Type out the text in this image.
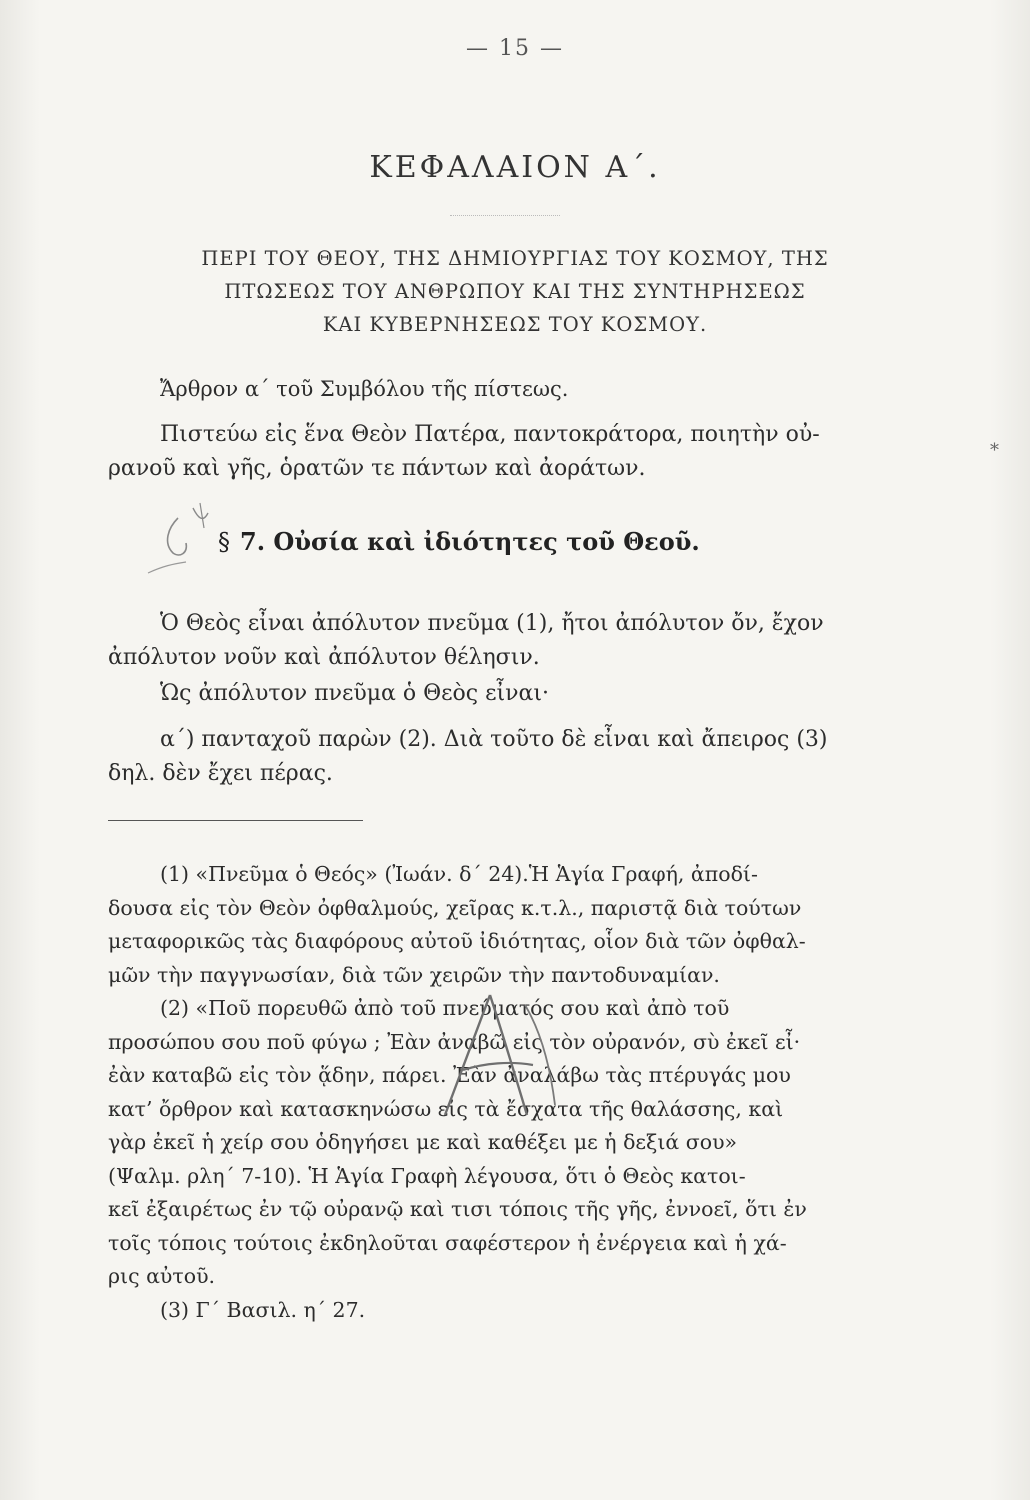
— 15 —
ΚΕΦΑΛΑΙΟΝ Α΄.
ΠΕΡΙ ΤΟΥ ΘΕΟΥ, ΤΗΣ ΔΗΜΙΟΥΡΓΙΑΣ ΤΟΥ ΚΟΣΜΟΥ, ΤΗΣ
ΠΤΩΣΕΩΣ ΤΟΥ ΑΝΘΡΩΠΟΥ ΚΑΙ ΤΗΣ ΣΥΝΤΗΡΗΣΕΩΣ
ΚΑΙ ΚΥΒΕΡΝΗΣΕΩΣ ΤΟΥ ΚΟΣΜΟΥ.
Ἄρθρον α΄ τοῦ Συμβόλου τῆς πίστεως.
Πιστεύω εἰς ἕνα Θεὸν Πατέρα, παντοκράτορα, ποιητὴν οὐ-
ρανοῦ καὶ γῆς, ὁρατῶν τε πάντων καὶ ἀοράτων.
§ 7. Οὐσία καὶ ἰδιότητες τοῦ Θεοῦ.
Ὁ Θεὸς εἶναι ἀπόλυτον πνεῦμα (1), ἤτοι ἀπόλυτον ὄν, ἔχον
ἀπόλυτον νοῦν καὶ ἀπόλυτον θέλησιν.
Ὡς ἀπόλυτον πνεῦμα ὁ Θεὸς εἶναι·
α΄) πανταχοῦ παρὼν (2). Διὰ τοῦτο δὲ εἶναι καὶ ἄπειρος (3)
δηλ. δὲν ἔχει πέρας.
(1) «Πνεῦμα ὁ Θεός» (Ἰωάν. δ΄ 24).Ἡ Ἁγία Γραφή, ἀποδί-
δουσα εἰς τὸν Θεὸν ὀφθαλμούς, χεῖρας κ.τ.λ., παριστᾷ διὰ τούτων
μεταφορικῶς τὰς διαφόρους αὐτοῦ ἰδιότητας, οἷον διὰ τῶν ὀφθαλ-
μῶν τὴν παγγνωσίαν, διὰ τῶν χειρῶν τὴν παντοδυναμίαν.
(2) «Ποῦ πορευθῶ ἀπὸ τοῦ πνεύματός σου καὶ ἀπὸ τοῦ
προσώπου σου ποῦ φύγω ; Ἐὰν ἀναβῶ εἰς τὸν οὐρανόν, σὺ ἐκεῖ εἶ·
ἐὰν καταβῶ εἰς τὸν ᾅδην, πάρει. Ἐὰν ἀναλάβω τὰς πτέρυγάς μου
κατ’ ὄρθρον καὶ κατασκηνώσω εἰς τὰ ἔσχατα τῆς θαλάσσης, καὶ
γὰρ ἐκεῖ ἡ χείρ σου ὁδηγήσει με καὶ καθέξει με ἡ δεξιά σου»
(Ψαλμ. ρλη΄ 7-10). Ἡ Ἁγία Γραφὴ λέγουσα, ὅτι ὁ Θεὸς κατοι-
κεῖ ἐξαιρέτως ἐν τῷ οὐρανῷ καὶ τισι τόποις τῆς γῆς, ἐννοεῖ, ὅτι ἐν
τοῖς τόποις τούτοις ἐκδηλοῦται σαφέστερον ἡ ἐνέργεια καὶ ἡ χά-
ρις αὐτοῦ.
(3) Γ΄ Βασιλ. η΄ 27.
*
